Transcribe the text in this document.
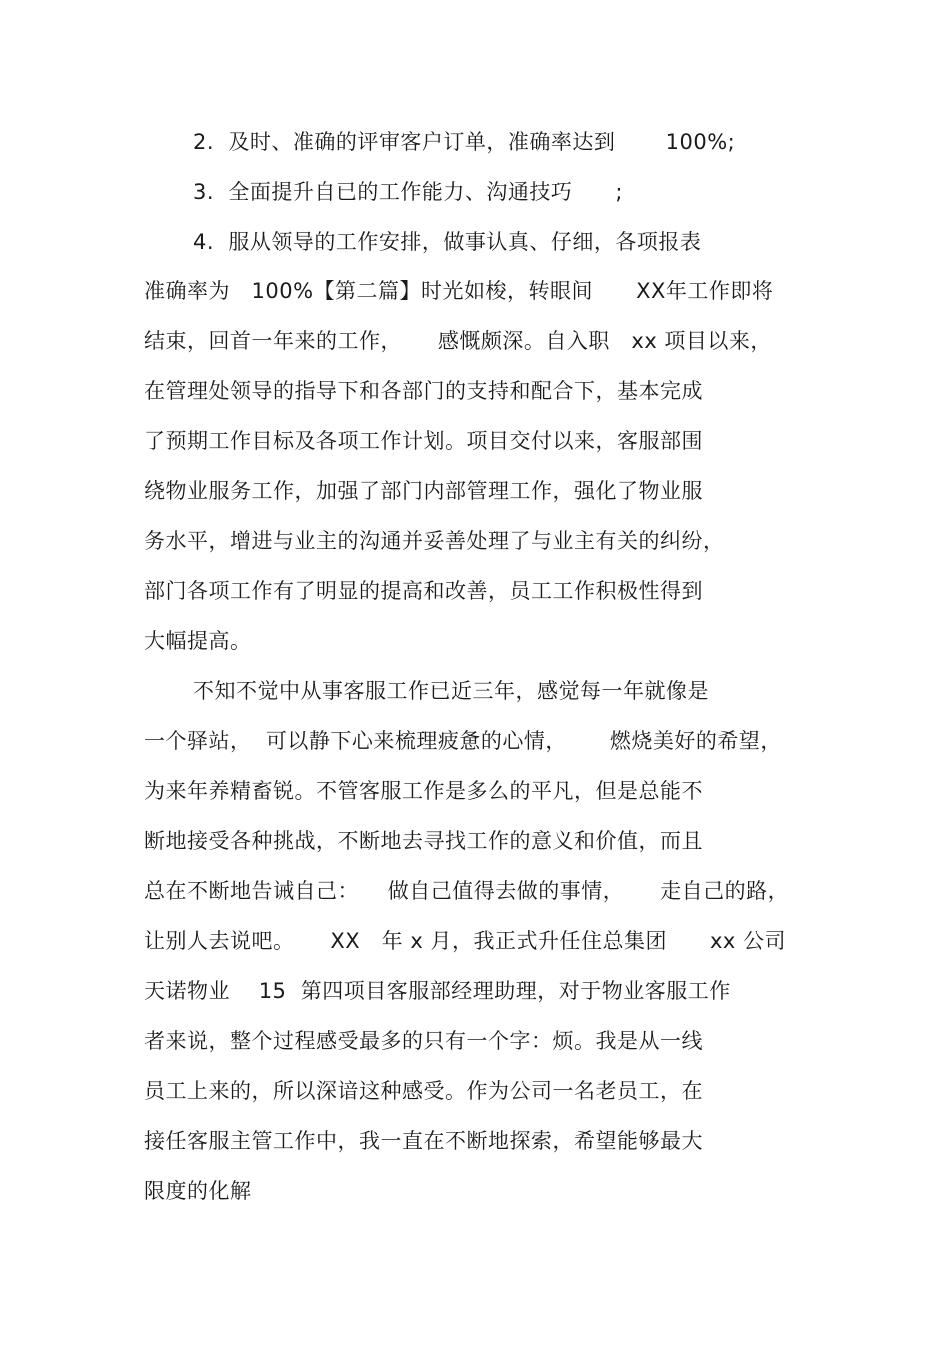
2.  及时、准确的评审客户订单，准确率达到       100%;
3.  全面提升自已的工作能力、沟通技巧      ;
4.  服从领导的工作安排，做事认真、仔细，各项报表
准确率为   100%【第二篇】时光如梭，转眼间      XX年工作即将
结束，回首一年来的工作，     感慨颇深。自入职   xx 项目以来，
在管理处领导的指导下和各部门的支持和配合下，基本完成
了预期工作目标及各项工作计划。项目交付以来，客服部围
绕物业服务工作，加强了部门内部管理工作，强化了物业服
务水平，增进与业主的沟通并妥善处理了与业主有关的纠纷，
部门各项工作有了明显的提高和改善，员工工作积极性得到
大幅提高。
不知不觉中从事客服工作已近三年，感觉每一年就像是
一个驿站，  可以静下心来梳理疲惫的心情，      燃烧美好的希望，
为来年养精畜锐。不管客服工作是多么的平凡，但是总能不
断地接受各种挑战，不断地去寻找工作的意义和价值，而且
总在不断地告诫自己：    做自己值得去做的事情，     走自己的路，
让别人去说吧。     XX   年 x 月，我正式升任住总集团      xx 公司
天诺物业    15  第四项目客服部经理助理，对于物业客服工作
者来说，整个过程感受最多的只有一个字：烦。我是从一线
员工上来的，所以深谙这种感受。作为公司一名老员工，在
接任客服主管工作中，我一直在不断地探索，希望能够最大
限度的化解
